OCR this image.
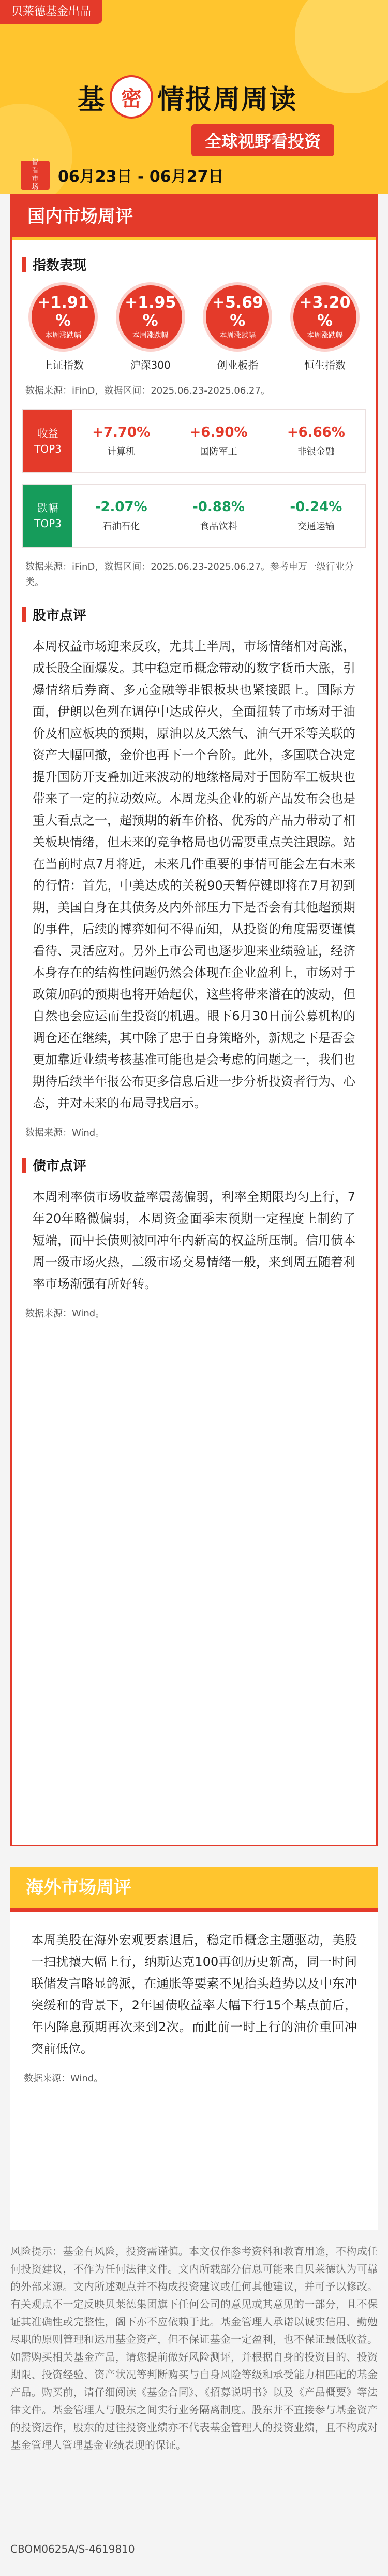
贝莱德基金出品
基 密 情报周周读
全球视野看投资
智
看
市
场
06月23日 - 06月27日
国内市场周评
指数表现
+1.91 %
本周涨跌幅
上证指数
+1.95 %
本周涨跌幅
沪深300
+5.69 %
本周涨跌幅
创业板指
+3.20 %
本周涨跌幅
恒生指数
数据来源：iFinD，数据区间：2025.06.23-2025.06.27。
收益
TOP3
+7.70%
计算机
+6.90%
国防军工
+6.66%
非银金融
跌幅
TOP3
-2.07%
石油石化
-0.88%
食品饮料
-0.24%
交通运输
数据来源：iFinD，数据区间：2025.06.23-2025.06.27。参考申万一级行业分类。
股市点评
本周权益市场迎来反攻，尤其上半周，市场情绪相对高涨，成长股全面爆发。其中稳定币概念带动的数字货币大涨，引爆情绪后券商、多元金融等非银板块也紧接跟上。国际方面，伊朗以色列在调停中达成停火，全面扭转了市场对于油价及相应板块的预期，原油以及天然气、油气开采等关联的资产大幅回撤，金价也再下一个台阶。此外，多国联合决定提升国防开支叠加近来波动的地缘格局对于国防军工板块也带来了一定的拉动效应。本周龙头企业的新产品发布会也是重大看点之一，超预期的新车价格、优秀的产品力带动了相关板块情绪，但未来的竞争格局也仍需要重点关注跟踪。站在当前时点7月将近，未来几件重要的事情可能会左右未来的行情：首先，中美达成的关税90天暂停键即将在7月初到期，美国自身在其债务及内外部压力下是否会有其他超预期的事件，后续的博弈如何不得而知，从投资的角度需要谨慎看待、灵活应对。另外上市公司也逐步迎来业绩验证，经济本身存在的结构性问题仍然会体现在企业盈利上，市场对于政策加码的预期也将开始起伏，这些将带来潜在的波动，但自然也会应运而生投资的机遇。眼下6月30日前公募机构的调仓还在继续，其中除了忠于自身策略外，新规之下是否会更加靠近业绩考核基准可能也是会考虑的问题之一，我们也期待后续半年报公布更多信息后进一步分析投资者行为、心态，并对未来的布局寻找启示。
数据来源：Wind。
债市点评
本周利率债市场收益率震荡偏弱，利率全期限均匀上行，7年20年略微偏弱，本周资金面季末预期一定程度上制约了短端，而中长债则被回冲年内新高的权益所压制。信用债本周一级市场火热，二级市场交易情绪一般，来到周五随着利率市场渐强有所好转。
数据来源：Wind。
海外市场周评
本周美股在海外宏观要素退后，稳定币概念主题驱动，美股一扫扰攘大幅上行，纳斯达克100再创历史新高，同一时间联储发言略显鸽派，在通胀等要素不见抬头趋势以及中东冲突缓和的背景下，2年国债收益率大幅下行15个基点前后，年内降息预期再次来到2次。而此前一时上行的油价重回冲突前低位。
数据来源：Wind。
风险提示：基金有风险，投资需谨慎。本文仅作参考资料和教育用途，不构成任何投资建议，不作为任何法律文件。文内所载部分信息可能来自贝莱德认为可靠的外部来源。文内所述观点并不构成投资建议或任何其他建议，并可予以修改。有关观点不一定反映贝莱德集团旗下任何公司的意见或其意见的一部分，且不保证其准确性或完整性，阁下亦不应依赖于此。基金管理人承诺以诚实信用、勤勉尽职的原则管理和运用基金资产，但不保证基金一定盈利，也不保证最低收益。如需购买相关基金产品，请您提前做好风险测评，并根据自身的投资目的、投资期限、投资经验、资产状况等判断购买与自身风险等级和承受能力相匹配的基金产品。购买前，请仔细阅读《基金合同》、《招募说明书》以及《产品概要》等法律文件。基金管理人与股东之间实行业务隔离制度。股东并不直接参与基金资产的投资运作，股东的过往投资业绩亦不代表基金管理人的投资业绩，且不构成对基金管理人管理基金业绩表现的保证。
CBOM0625A/S-4619810
